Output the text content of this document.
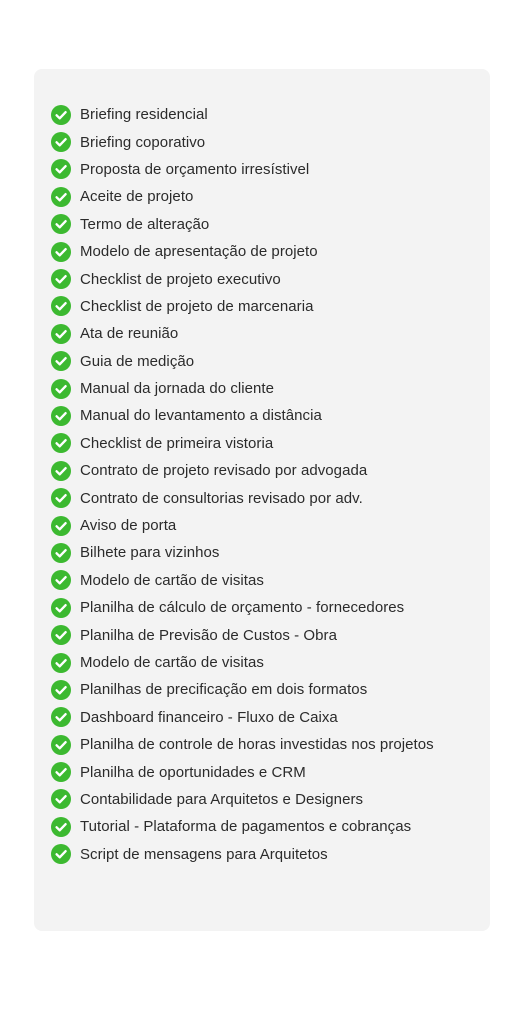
Briefing residencial
Briefing coporativo
Proposta de orçamento irresístivel
Aceite de projeto
Termo de alteração
Modelo de apresentação de projeto
Checklist de projeto executivo
Checklist de projeto de marcenaria
Ata de reunião
Guia de medição
Manual da jornada do cliente
Manual do levantamento a distância
Checklist de primeira vistoria
Contrato de projeto revisado por advogada
Contrato de consultorias revisado por adv.
Aviso de porta
Bilhete para vizinhos
Modelo de cartão de visitas
Planilha de cálculo de orçamento - fornecedores
Planilha de Previsão de Custos - Obra
Modelo de cartão de visitas
Planilhas de precificação em dois formatos
Dashboard financeiro - Fluxo de Caixa
Planilha de controle de horas investidas nos projetos
Planilha de oportunidades e CRM
Contabilidade para Arquitetos e Designers
Tutorial - Plataforma de pagamentos e cobranças
Script de mensagens para Arquitetos
